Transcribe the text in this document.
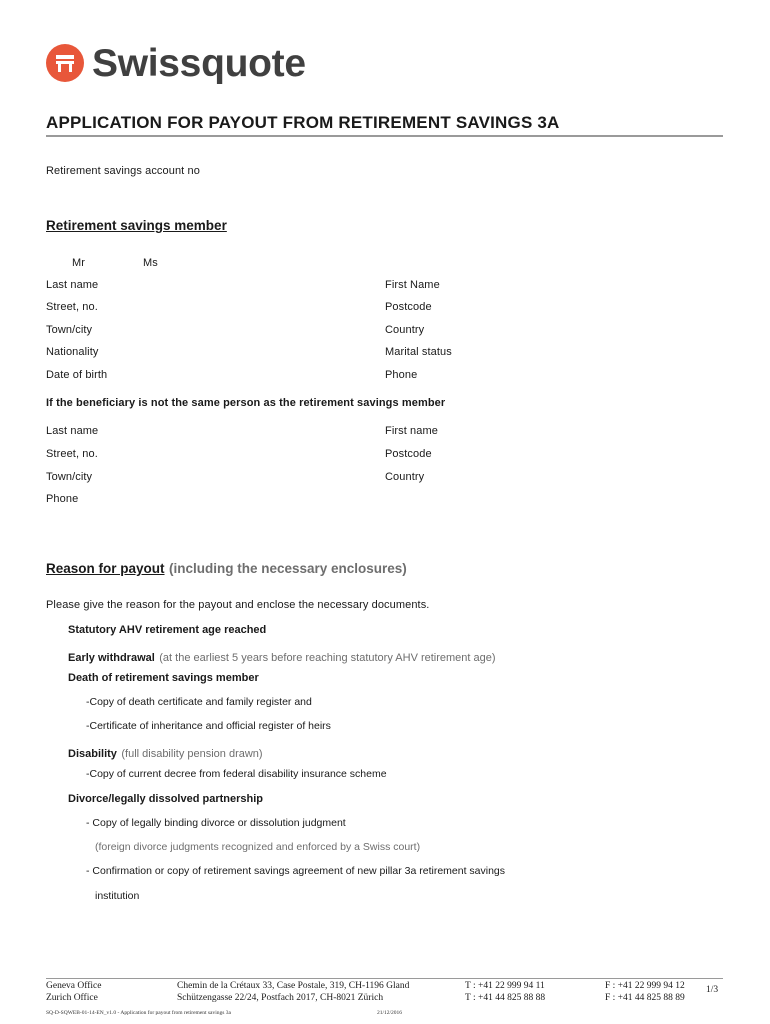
Swissquote
APPLICATION FOR PAYOUT FROM RETIREMENT SAVINGS 3A
Retirement savings account no
Retirement savings member
Mr	Ms
Last name
Street, no.
Town/city
Nationality
Date of birth
First Name
Postcode
Country
Marital status
Phone
If the beneficiary is not the same person as the retirement savings member
Last name
Street, no.
Town/city
Phone
First name
Postcode
Country
Reason for payout (including the necessary enclosures)
Please give the reason for the payout and enclose the necessary documents.
Statutory AHV retirement age reached
Early withdrawal (at the earliest 5 years before reaching statutory AHV retirement age)
Death of retirement savings member
-Copy of death certificate and family register and
-Certificate of inheritance and official register of heirs
Disability (full disability pension drawn)
-Copy of current decree from federal disability insurance scheme
Divorce/legally dissolved partnership
- Copy of legally binding divorce or dissolution judgment
(foreign divorce judgments recognized and enforced by a Swiss court)
- Confirmation or copy of retirement savings agreement of new pillar 3a retirement savings
institution
Geneva Office
Zurich Office
Chemin de la Crétaux 33, Case Postale, 319, CH-1196 Gland
Schützengasse 22/24, Postfach 2017, CH-8021 Zürich
T : +41 22 999 94 11
T : +41 44 825 88 88
F : +41 22 999 94 12
F : +41 44 825 88 89
1/3
SQ-D-SQWEB-01-14-EN_v1.0 - Application for payout from retirement savings 3a	21/12/2016
